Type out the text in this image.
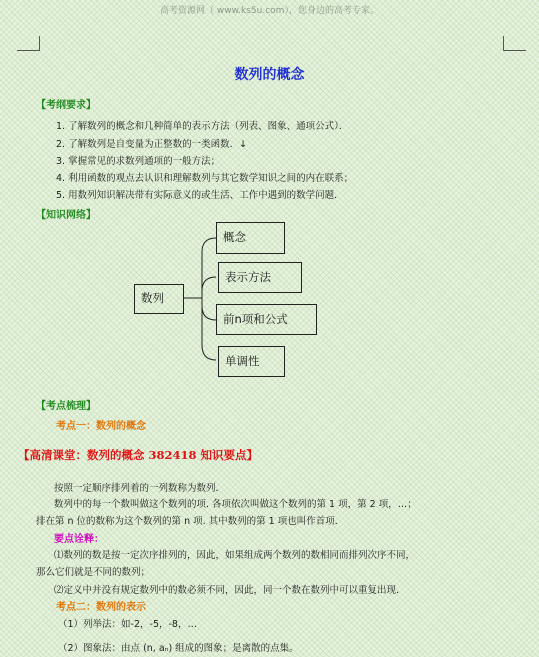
高考资源网（ www.ks5u.com），您身边的高考专家。
数列的概念
【考纲要求】
1. 了解数列的概念和几种简单的表示方法（列表、图象、通项公式）．
2. 了解数列是自变量为正整数的一类函数．↓
3. 掌握常见的求数列通项的一般方法；
4. 利用函数的观点去认识和理解数列与其它数学知识之间的内在联系；
5. 用数列知识解决带有实际意义的或生活、工作中遇到的数学问题．
【知识网络】
数列
概念
表示方法
前n项和公式
单调性
【考点梳理】
考点一：数列的概念
【高清课堂：数列的概念 382418 知识要点】
按照一定顺序排列着的一列数称为数列．
数列中的每一个数叫做这个数列的项. 各项依次叫做这个数列的第 1 项，第 2 项，…；
排在第 n 位的数称为这个数列的第 n 项. 其中数列的第 1 项也叫作首项．
要点诠释：
⑴数列的数是按一定次序排列的，因此，如果组成两个数列的数相同而排列次序不同，
那么它们就是不同的数列；
⑵定义中并没有规定数列中的数必须不同，因此，同一个数在数列中可以重复出现．
考点二：数列的表示
（1）列举法：如-2，-5，-8，…
（2）图象法：由点 (n, aₙ) 组成的图象；是离散的点集。
